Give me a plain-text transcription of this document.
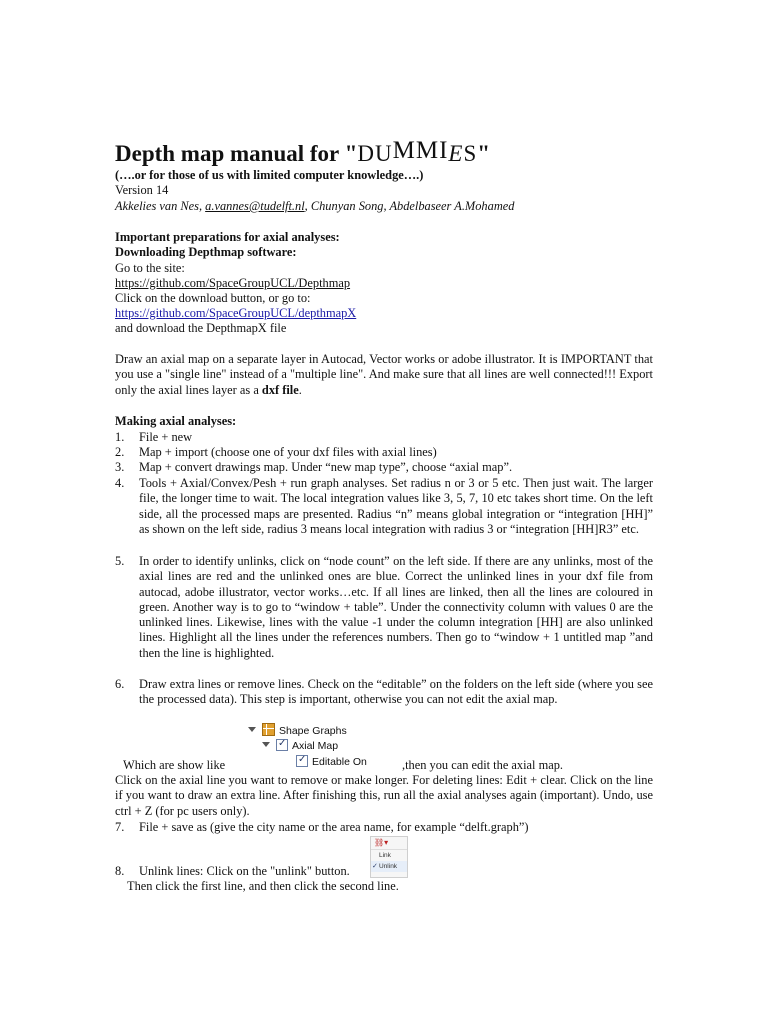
Depth map manual for "DUMMIES"
(….or for those of us with limited computer knowledge….)
Version 14
Akkelies van Nes, a.vannes@tudelft.nl, Chunyan Song, Abdelbaseer A.Mohamed
Important preparations for axial analyses:
Downloading Depthmap software:
Go to the site:
https://github.com/SpaceGroupUCL/Depthmap
Click on the download button, or go to:
https://github.com/SpaceGroupUCL/depthmapX
and download the DepthmapX file
Draw an axial map on a separate layer in Autocad, Vector works or adobe illustrator. It is IMPORTANT that you use a "single line" instead of a "multiple line". And make sure that all lines are well connected!!! Export only the axial lines layer as a dxf file.
Making axial analyses:
1. File + new
2. Map + import (choose one of your dxf files with axial lines)
3. Map + convert drawings map. Under “new map type”, choose “axial map”.
4. Tools + Axial/Convex/Pesh + run graph analyses. Set radius n or 3 or 5 etc. Then just wait. The larger file, the longer time to wait. The local integration values like 3, 5, 7, 10 etc takes short time. On the left side, all the processed maps are presented. Radius “n” means global integration or “integration [HH]” as shown on the left side, radius 3 means local integration with radius 3 or “integration [HH]R3” etc.
5. In order to identify unlinks, click on “node count” on the left side. If there are any unlinks, most of the axial lines are red and the unlinked ones are blue. Correct the unlinked lines in your dxf file from autocad, adobe illustrator, vector works…etc. If all lines are linked, then all the lines are coloured in green. Another way is to go to “window + table”. Under the connectivity column with values 0 are the unlinked lines. Likewise, lines with the value -1 under the column integration [HH] are also unlinked lines. Highlight all the lines under the references numbers. Then go to “window + 1 untitled map ”and then the line is highlighted.
6. Draw extra lines or remove lines. Check on the “editable” on the folders on the left side (where you see the processed data). This step is important, otherwise you can not edit the axial map.
Shape Graphs
✓Axial Map
✓Editable On
Which are show like	,then you can edit the axial map.
Click on the axial line you want to remove or make longer. For deleting lines: Edit + clear. Click on the line if you want to draw an extra line. After finishing this, run all the axial analyses again (important). Undo, use ctrl + Z (for pc users only).
7. File + save as (give the city name or the area name, for example “delft.graph”)
⛓▾
Link
✓ Unlink
8. Unlink lines: Click on the "unlink" button.
Then click the first line, and then click the second line.
